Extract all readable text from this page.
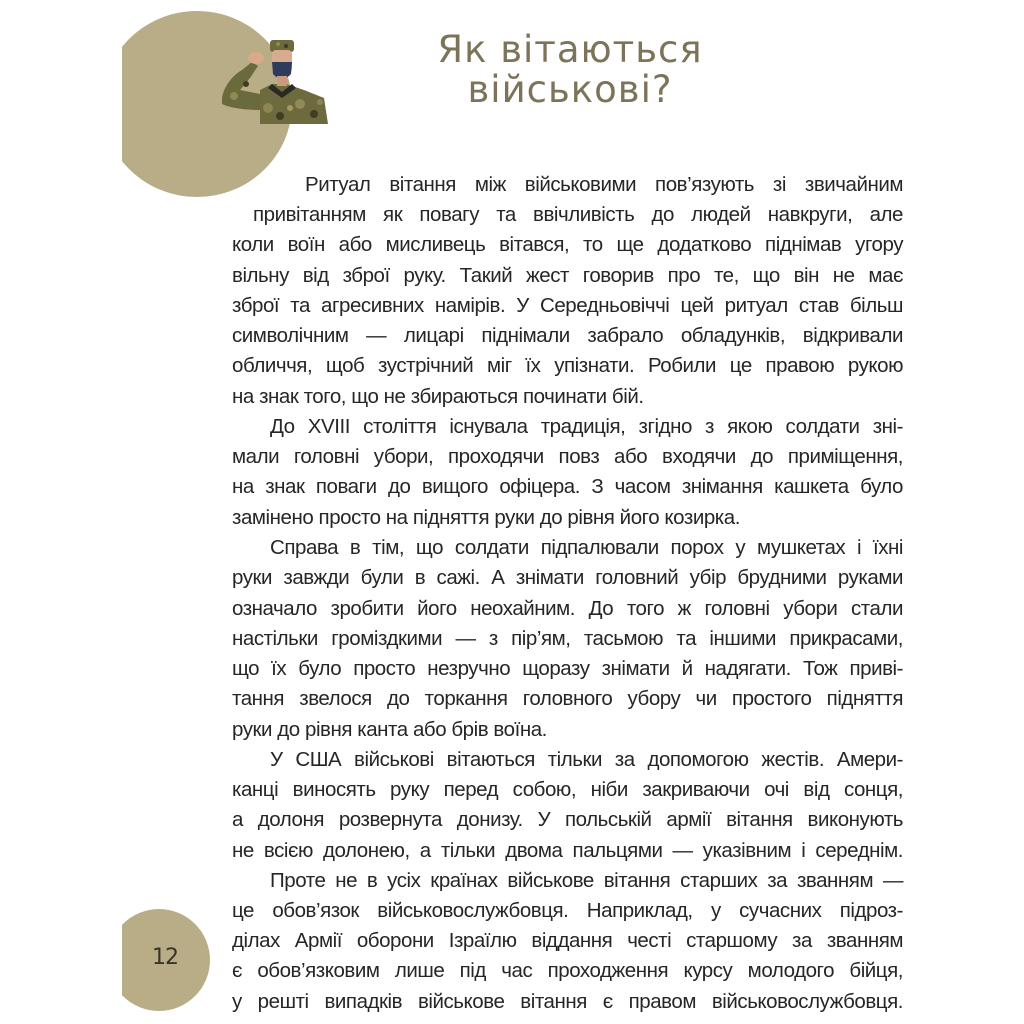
Як вітаються
військові?
12
Ритуал вітання між військовими пов’язують зі звичайним
привітанням як повагу та ввічливість до людей навкруги, але
коли воїн або мисливець вітався, то ще додатково піднімав угору
вільну від зброї руку. Такий жест говорив про те, що він не має
зброї та агресивних намірів. У Середньовіччі цей ритуал став більш
символічним — лицарі піднімали забрало обладунків, відкривали
обличчя, щоб зустрічний міг їх упізнати. Робили це правою рукою
на знак того, що не збираються починати бій.
До XVIII століття існувала традиція, згідно з якою солдати зні-
мали головні убори, проходячи повз або входячи до приміщення,
на знак поваги до вищого офіцера. З часом знімання кашкета було
замінено просто на підняття руки до рівня його козирка.
Справа в тім, що солдати підпалювали порох у мушкетах і їхні
руки завжди були в сажі. А знімати головний убір брудними руками
означало зробити його неохайним. До того ж головні убори стали
настільки громіздкими — з пір’ям, тасьмою та іншими прикрасами,
що їх було просто незручно щоразу знімати й надягати. Тож приві-
тання звелося до торкання головного убору чи простого підняття
руки до рівня канта або брів воїна.
У США військові вітаються тільки за допомогою жестів. Амери-
канці виносять руку перед собою, ніби закриваючи очі від сонця,
а долоня розвернута донизу. У польській армії вітання виконують
не всією долонею, а тільки двома пальцями — указівним і середнім.
Проте не в усіх країнах військове вітання старших за званням —
це обов’язок військовослужбовця. Наприклад, у сучасних підроз-
ділах Армії оборони Ізраїлю віддання честі старшому за званням
є обов’язковим лише під час проходження курсу молодого бійця,
у решті випадків військове вітання є правом військовослужбовця.
